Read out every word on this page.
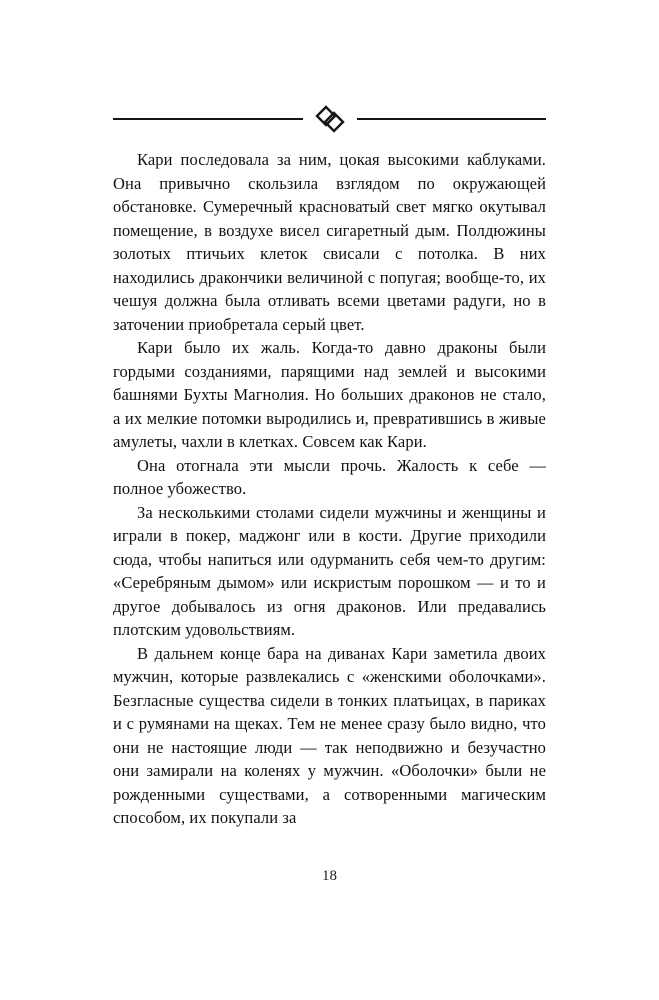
Кари последовала за ним, цокая высокими каблуками. Она привычно скользила взглядом по окружающей обстановке. Сумеречный красноватый свет мягко окутывал помещение, в воздухе висел сигаретный дым. Полдюжины золотых птичьих клеток свисали с потолка. В них находились дракончики величиной с попугая; вообще-то, их чешуя должна была отливать всеми цветами радуги, но в заточении приобретала серый цвет.

Кари было их жаль. Когда-то давно драконы были гордыми созданиями, парящими над землей и высокими башнями Бухты Магнолия. Но больших драконов не стало, а их мелкие потомки выродились и, превратившись в живые амулеты, чахли в клетках. Совсем как Кари.

Она отогнала эти мысли прочь. Жалость к себе — полное убожество.

За несколькими столами сидели мужчины и женщины и играли в покер, маджонг или в кости. Другие приходили сюда, чтобы напиться или одурманить себя чем-то другим: «Серебряным дымом» или искристым порошком — и то и другое добывалось из огня драконов. Или предавались плотским удовольствиям.

В дальнем конце бара на диванах Кари заметила двоих мужчин, которые развлекались с «женскими оболочками». Безгласные существа сидели в тонких платьицах, в париках и с румянами на щеках. Тем не менее сразу было видно, что они не настоящие люди — так неподвижно и безучастно они замирали на коленях у мужчин. «Оболочки» были не рожденными существами, а сотворенными магическим способом, их покупали за

18
